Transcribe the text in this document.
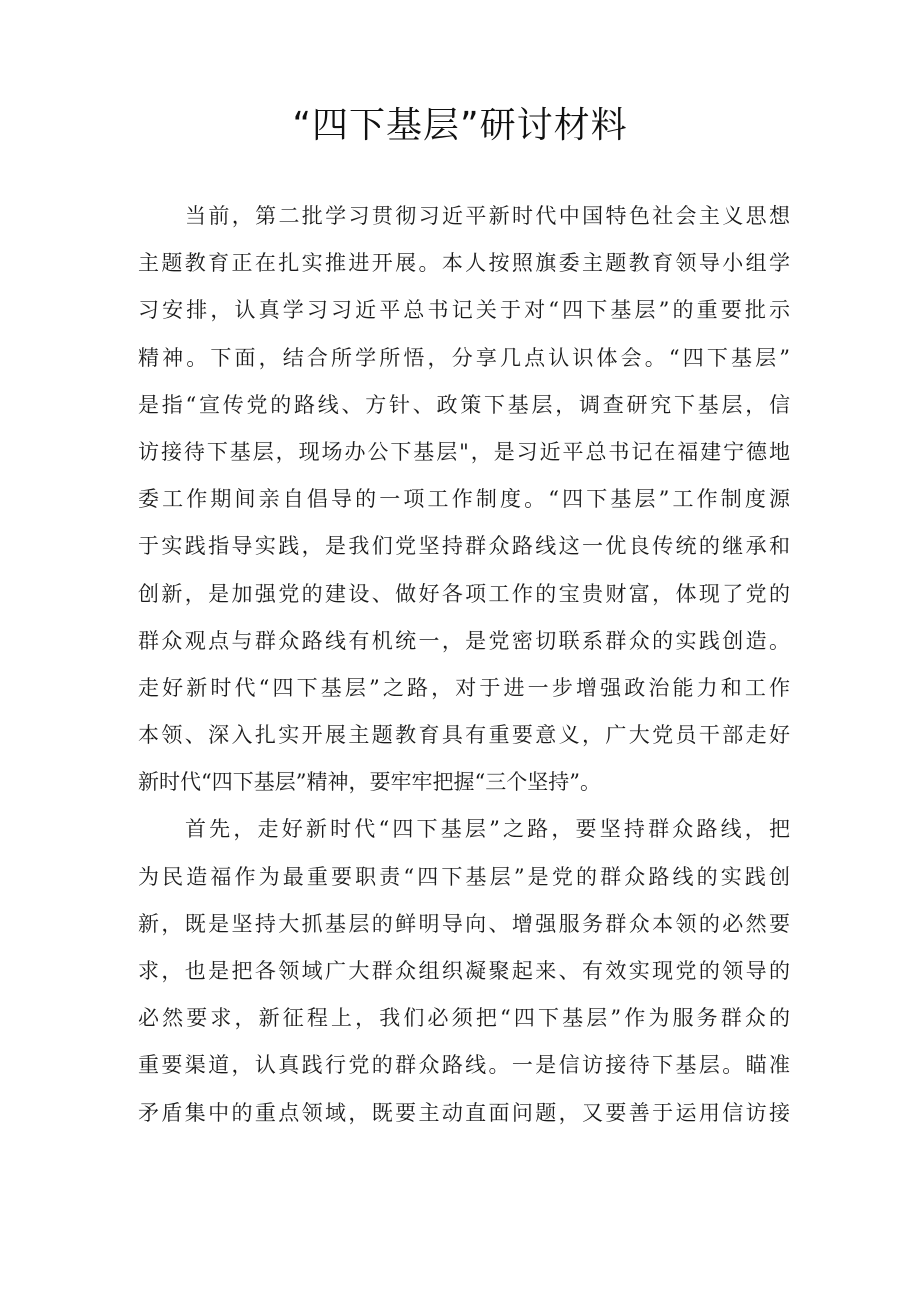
“四下基层”研讨材料
当前，第二批学习贯彻习近平新时代中国特色社会主义思想
主题教育正在扎实推进开展。本人按照旗委主题教育领导小组学
习安排，认真学习习近平总书记关于对“四下基层”的重要批示
精神。下面，结合所学所悟，分享几点认识体会。“四下基层”
是指“宣传党的路线、方针、政策下基层，调查研究下基层，信
访接待下基层，现场办公下基层"，是习近平总书记在福建宁德地
委工作期间亲自倡导的一项工作制度。“四下基层”工作制度源
于实践指导实践，是我们党坚持群众路线这一优良传统的继承和
创新，是加强党的建设、做好各项工作的宝贵财富，体现了党的
群众观点与群众路线有机统一，是党密切联系群众的实践创造。
走好新时代“四下基层”之路，对于进一步增强政治能力和工作
本领、深入扎实开展主题教育具有重要意义，广大党员干部走好
新时代“四下基层”精神，要牢牢把握“三个坚持”。
首先，走好新时代“四下基层”之路，要坚持群众路线，把
为民造福作为最重要职责“四下基层”是党的群众路线的实践创
新，既是坚持大抓基层的鲜明导向、增强服务群众本领的必然要
求，也是把各领域广大群众组织凝聚起来、有效实现党的领导的
必然要求，新征程上，我们必须把“四下基层”作为服务群众的
重要渠道，认真践行党的群众路线。一是信访接待下基层。瞄准
矛盾集中的重点领域，既要主动直面问题，又要善于运用信访接
